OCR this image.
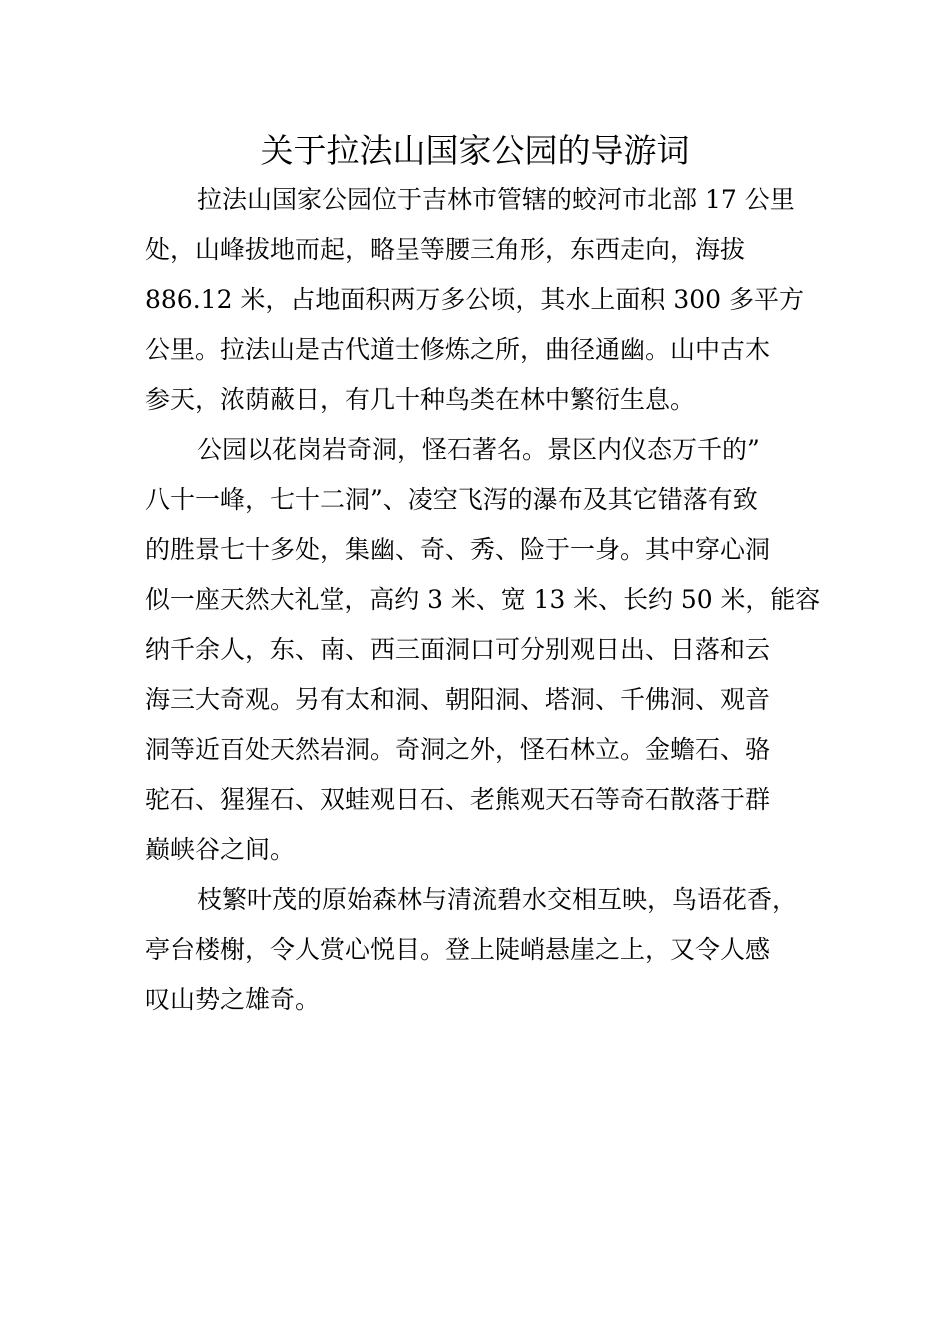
关于拉法山国家公园的导游词

拉法山国家公园位于吉林市管辖的蛟河市北部 17 公里

处，山峰拔地而起，略呈等腰三角形，东西走向，海拔

886.12 米，占地面积两万多公顷，其水上面积 300 多平方

公里。拉法山是古代道士修炼之所，曲径通幽。山中古木

参天，浓荫蔽日，有几十种鸟类在林中繁衍生息。

公园以花岗岩奇洞，怪石著名。景区内仪态万千的”

八十一峰，七十二洞”、凌空飞泻的瀑布及其它错落有致

的胜景七十多处，集幽、奇、秀、险于一身。其中穿心洞

似一座天然大礼堂，高约 3 米、宽 13 米、长约 50 米，能容

纳千余人，东、南、西三面洞口可分别观日出、日落和云

海三大奇观。另有太和洞、朝阳洞、塔洞、千佛洞、观音

洞等近百处天然岩洞。奇洞之外，怪石林立。金蟾石、骆

驼石、猩猩石、双蛙观日石、老熊观天石等奇石散落于群

巅峡谷之间。

枝繁叶茂的原始森林与清流碧水交相互映，鸟语花香，

亭台楼榭，令人赏心悦目。登上陡峭悬崖之上，又令人感

叹山势之雄奇。
